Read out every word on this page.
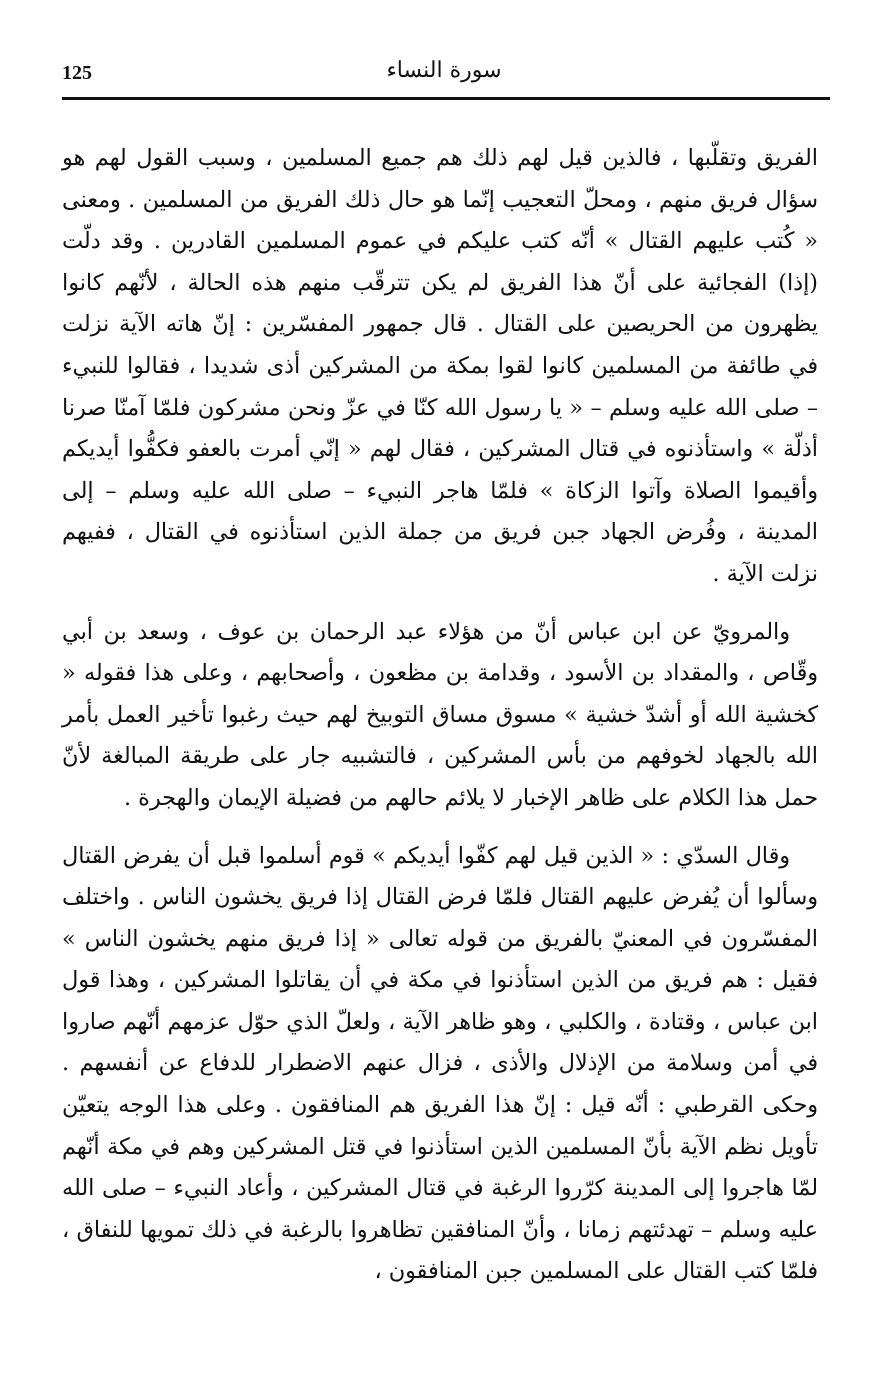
125	سورة النساء

الفريق وتقلّبها ، فالذين قيل لهم ذلك هم جميع المسلمين ، وسبب القول لهم هو سؤال فريق منهم ، ومحلّ التعجيب إنّما هو حال ذلك الفريق من المسلمين . ومعنى « كُتب عليهم القتال » أنّه كتب عليكم في عموم المسلمين القادرين . وقد دلّت (إذا) الفجائية على أنّ هذا الفريق لم يكن تترقّب منهم هذه الحالة ، لأنّهم كانوا يظهرون من الحريصين على القتال . قال جمهور المفسّرين : إنّ هاته الآية نزلت في طائفة من المسلمين كانوا لقوا بمكة من المشركين أذى شديدا ، فقالوا للنبيء – صلى الله عليه وسلم – « يا رسول الله كنّا في عزّ ونحن مشركون فلمّا آمنّا صرنا أذلّة » واستأذنوه في قتال المشركين ، فقال لهم « إنّي أمرت بالعفو فكفُّوا أيديكم وأقيموا الصلاة وآتوا الزكاة » فلمّا هاجر النبيء – صلى الله عليه وسلم – إلى المدينة ، وفُرض الجهاد جبن فريق من جملة الذين استأذنوه في القتال ، ففيهم نزلت الآية .

والمرويّ عن ابن عباس أنّ من هؤلاء عبد الرحمان بن عوف ، وسعد بن أبي وقّاص ، والمقداد بن الأسود ، وقدامة بن مظعون ، وأصحابهم ، وعلى هذا فقوله « كخشية الله أو أشدّ خشية » مسوق مساق التوبيخ لهم حيث رغبوا تأخير العمل بأمر الله بالجهاد لخوفهم من بأس المشركين ، فالتشبيه جار على طريقة المبالغة لأنّ حمل هذا الكلام على ظاهر الإخبار لا يلائم حالهم من فضيلة الإيمان والهجرة .

وقال السدّي : « الذين قيل لهم كفّوا أيديكم » قوم أسلموا قبل أن يفرض القتال وسألوا أن يُفرض عليهم القتال فلمّا فرض القتال إذا فريق يخشون الناس . واختلف المفسّرون في المعنيّ بالفريق من قوله تعالى « إذا فريق منهم يخشون الناس » فقيل : هم فريق من الذين استأذنوا في مكة في أن يقاتلوا المشركين ، وهذا قول ابن عباس ، وقتادة ، والكلبي ، وهو ظاهر الآية ، ولعلّ الذي حوّل عزمهم أنّهم صاروا في أمن وسلامة من الإذلال والأذى ، فزال عنهم الاضطرار للدفاع عن أنفسهم . وحكى القرطبي : أنّه قيل : إنّ هذا الفريق هم المنافقون . وعلى هذا الوجه يتعيّن تأويل نظم الآية بأنّ المسلمين الذين استأذنوا في قتل المشركين وهم في مكة أنّهم لمّا هاجروا إلى المدينة كرّروا الرغبة في قتال المشركين ، وأعاد النبيء – صلى الله عليه وسلم – تهدئتهم زمانا ، وأنّ المنافقين تظاهروا بالرغبة في ذلك تمويها للنفاق ، فلمّا كتب القتال على المسلمين جبن المنافقون ،
